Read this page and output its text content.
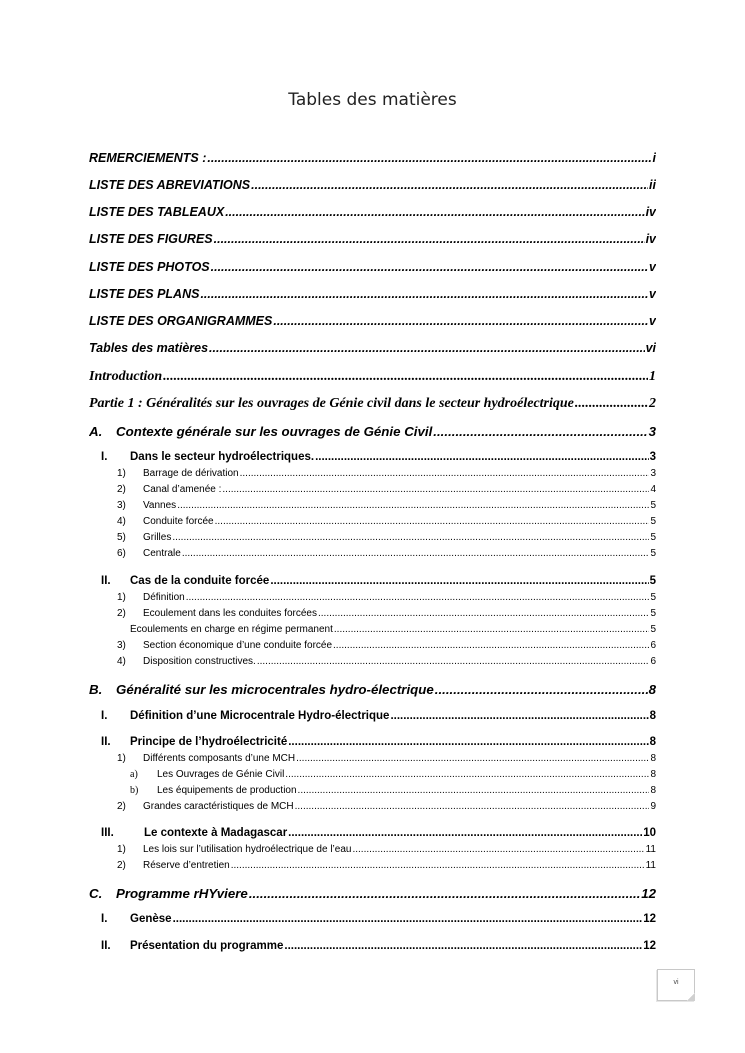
Tables des matières
REMERCIEMENTS : .....	i
LISTE DES ABREVIATIONS .....	ii
LISTE DES TABLEAUX .....	iv
LISTE DES FIGURES .....	iv
LISTE DES PHOTOS .....	v
LISTE DES PLANS .....	v
LISTE DES ORGANIGRAMMES .....	v
Tables des matières .....	vi
Introduction .....	1
Partie 1 : Généralités sur les ouvrages de Génie civil dans le secteur hydroélectrique .....	2
A.	Contexte générale sur les ouvrages de Génie Civil .....	3
I.	Dans le secteur hydroélectriques. .....	3
1)	Barrage de dérivation .....	3
2)	Canal d’amenée : .....	4
3)	Vannes .....	5
4)	Conduite forcée .....	5
5)	Grilles .....	5
6)	Centrale .....	5
II.	Cas de la conduite forcée .....	5
1)	Définition .....	5
2)	Ecoulement dans les conduites forcées .....	5
Écoulements en charge en régime permanent .....	5
3)	Section économique d’une conduite forcée .....	6
4)	Disposition constructives. .....	6
B.	Généralité sur les microcentrales hydro-électrique .....	8
I.	Définition d’une Microcentrale Hydro-électrique .....	8
II.	Principe de l’hydroélectricité .....	8
1)	Différents composants d’une MCH .....	8
a)	Les Ouvrages de Génie Civil .....	8
b)	Les équipements de production .....	8
2)	Grandes caractéristiques de MCH .....	9
III.	Le contexte à Madagascar .....	10
1)	Les lois sur l’utilisation hydroélectrique de l’eau .....	11
2)	Réserve d’entretien .....	11
C.	Programme rHYviere .....	12
I.	Genèse .....	12
II.	Présentation du programme .....	12
vi
